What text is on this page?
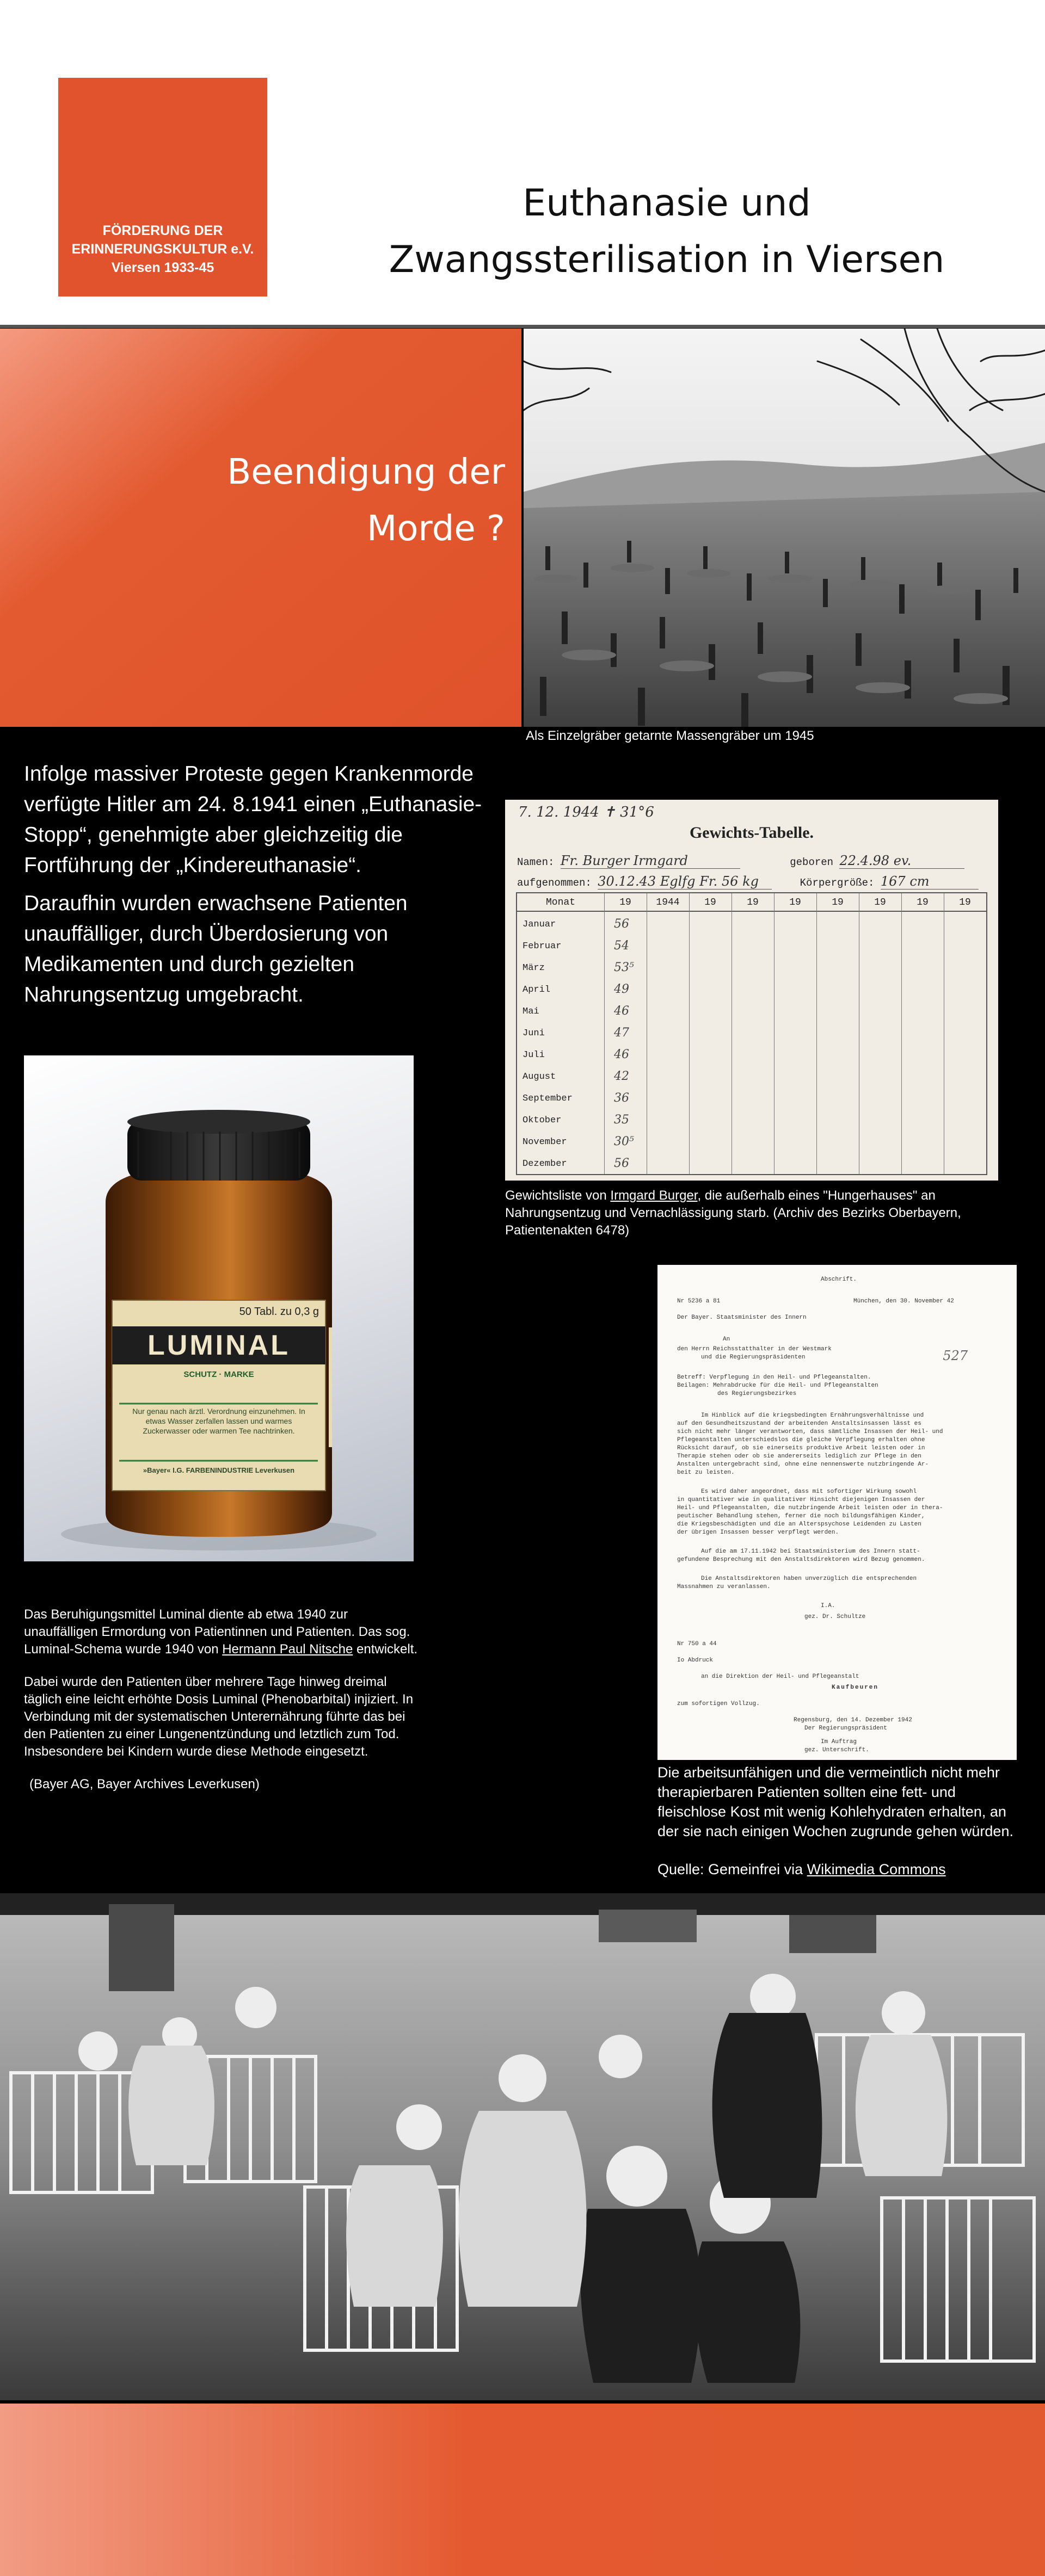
FÖRDERUNG DER
ERINNERUNGSKULTUR e.V.
Viersen 1933-45
Euthanasie und
Zwangssterilisation in Viersen
Beendigung der
Morde ?
Als Einzelgräber getarnte Massengräber um 1945

Infolge massiver Proteste gegen Krankenmorde verfügte Hitler am 24. 8.1941 einen „Euthanasie-Stopp“, genehmigte aber gleichzeitig die Fortführung der „Kindereuthanasie“.

Daraufhin wurden erwachsene Patienten unauffälliger, durch Überdosierung von Medikamenten und durch gezielten Nahrungsentzug umgebracht.

7. 12. 1944 ✝ 31°6
Gewichts-Tabelle.
Namen: Fr. Burger Irmgard	geboren 22.4.98 ev.
aufgenommen: 30.12.43 Eglfg Fr. 56 kg	Körpergröße: 167 cm
Monat	19	1944	19	19	19	19	19	19	19
Januar	56
Februar	54
März	53⁵
April	49
Mai	46
Juni	47
Juli	46
August	42
September	36
Oktober	35
November	30⁵
Dezember	56
Gewichtsliste von Irmgard Burger, die außerhalb eines "Hungerhauses" an Nahrungsentzug und Vernachlässigung starb. (Archiv des Bezirks Oberbayern, Patientenakten 6478)
50 Tabl. zu 0,3 g
LUMINAL
SCHUTZ · MARKE
Nur genau nach ärztl. Verordnung einzunehmen. In etwas Wasser zerfallen lassen und warmes Zuckerwasser oder warmen Tee nachtrinken.
»Bayer« I.G. FARBENINDUSTRIE Leverkusen

Das Beruhigungsmittel Luminal diente ab etwa 1940 zur unauffälligen Ermordung von Patientinnen und Patienten. Das sog. Luminal-Schema wurde 1940 von Hermann Paul Nitsche entwickelt.

Dabei wurde den Patienten über mehrere Tage hinweg dreimal täglich eine leicht erhöhte Dosis Luminal (Phenobarbital) injiziert. In Verbindung mit der systematischen Unterernährung führte das bei den Patienten zu einer Lungenentzündung und letztlich zum Tod. Insbesondere bei Kindern wurde diese Methode eingesetzt.

(Bayer AG, Bayer Archives Leverkusen)

527
Abschrift.
Nr 5236 a 81	München, den 30. November 42
Der Bayer. Staatsminister des Innern
An
den Herrn Reichsstatthalter in der Westmark
und die Regierungspräsidenten
Betreff: Verpflegung in den Heil- und Pflegeanstalten.
Beilagen: Mehrabdrucke für die Heil- und Pflegeanstalten
des Regierungsbezirkes
Im Hinblick auf die kriegsbedingten Ernährungsverhältnisse und
auf den Gesundheitszustand der arbeitenden Anstaltsinsassen lässt es
sich nicht mehr länger verantworten, dass sämtliche Insassen der Heil- und
Pflegeanstalten unterschiedslos die gleiche Verpflegung erhalten ohne
Rücksicht darauf, ob sie einerseits produktive Arbeit leisten oder in
Therapie stehen oder ob sie andererseits lediglich zur Pflege in den
Anstalten untergebracht sind, ohne eine nennenswerte nutzbringende Ar-
beit zu leisten.
Es wird daher angeordnet, dass mit sofortiger Wirkung sowohl
in quantitativer wie in qualitativer Hinsicht diejenigen Insassen der
Heil- und Pflegeanstalten, die nutzbringende Arbeit leisten oder in thera-
peutischer Behandlung stehen, ferner die noch bildungsfähigen Kinder,
die Kriegsbeschädigten und die an Alterspsychose Leidenden zu Lasten
der übrigen Insassen besser verpflegt werden.
Auf die am 17.11.1942 bei Staatsministerium des Innern statt-
gefundene Besprechung mit den Anstaltsdirektoren wird Bezug genommen.
Die Anstaltsdirektoren haben unverzüglich die entsprechenden
Massnahmen zu veranlassen.
I.A.
gez. Dr. Schultze
Nr 750 a 44
Io Abdruck
an die Direktion der Heil- und Pflegeanstalt
Kaufbeuren
zum sofortigen Vollzug.
Regensburg, den 14. Dezember 1942
Der Regierungspräsident
Im Auftrag
gez. Unterschrift.
Die arbeitsunfähigen und die vermeintlich nicht mehr therapierbaren Patienten sollten eine fett- und fleischlose Kost mit wenig Kohlehydraten erhalten, an der sie nach einigen Wochen zugrunde gehen würden.
Quelle: Gemeinfrei via Wikimedia Commons
